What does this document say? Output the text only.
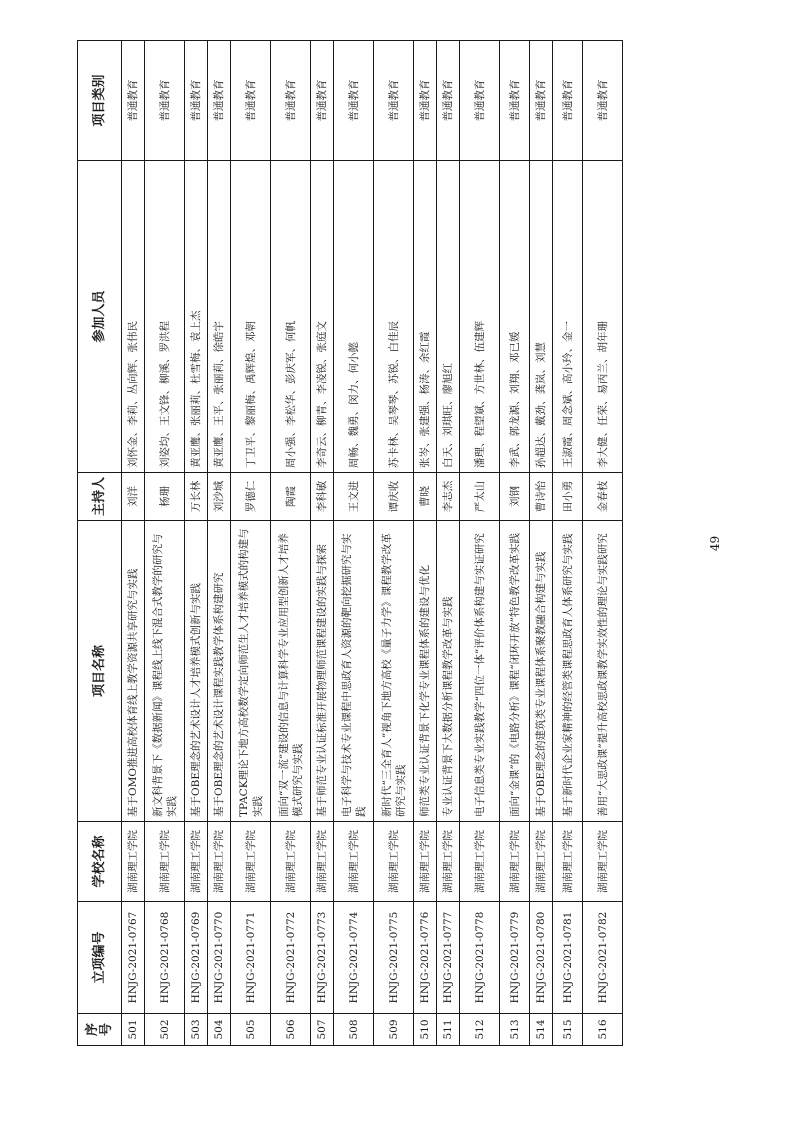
序号	立项编号	学校名称	项目名称	主持人	参加人员	项目类别
501	HNJG-2021-0767	湖南理工学院	基于OMO推进高校体育线上教学资源共享研究与实践	刘洋	刘怀金、李莉、丛向辉、张伟民	普通教育
502	HNJG-2021-0768	湖南理工学院	新文科背景下《数据新闻》课程线上线下混合式教学的研究与实践	杨珊	刘姿均、王文锋、柳溪、罗洪程	普通教育
503	HNJG-2021-0769	湖南理工学院	基于OBE理念的艺术设计人才培养模式创新与实践	万长林	黄亚鹰、张丽莉、杜雪梅、袁上杰	普通教育
504	HNJG-2021-0770	湖南理工学院	基于OBE理念的艺术设计课程实践教学体系构建研究	刘沙城	黄亚鹰、王平、张丽莉、徐皓宇	普通教育
505	HNJG-2021-0771	湖南理工学院	TPACK理论下地方高校数学定向师范生人才培养模式的构建与实践	罗德仁	丁卫平、黎丽梅、禹辉煌、邓朝	普通教育
506	HNJG-2021-0772	湖南理工学院	面向“双一流”建设的信息与计算科学专业应用型创新人才培养模式研究与实践	陶霞	周小强、李松华、彭庆军、何帆	普通教育
507	HNJG-2021-0773	湖南理工学院	基于师范专业认证标准开展物理师范课程建设的实践与探索	李科敏	李奇云、柳青、李凌锐、张庭文	普通教育
508	HNJG-2021-0774	湖南理工学院	电子科学与技术专业课程中思政育人资源的靶向挖掘研究与实践	王文进	周畅、魏勇、闵力、何小懿	普通教育
509	HNJG-2021-0775	湖南理工学院	新时代“三全育人”视角下地方高校《量子力学》课程教学改革研究与实践	谭庆收	苏卡林、吴琴琴、苏锐、白佳辰	普通教育
510	HNJG-2021-0776	湖南理工学院	师范类专业认证背景下化学专业课程体系的建设与优化	曹晓	张岑、张建强、杨涛、余红霞	普通教育
511	HNJG-2021-0777	湖南理工学院	专业认证背景下大数据分析课程教学改革与实践	李志杰	白天、刘琪旺、廖旭红	普通教育
512	HNJG-2021-0778	湖南理工学院	电子信息类专业实践教学“四位一体”评价体系构建与实证研究	严太山	潘理、程望斌、方世林、伍建辉	普通教育
513	HNJG-2021-0779	湖南理工学院	面向“金课”的《电路分析》课程“闭环开放”特色教学改革实践	刘钢	李武、郭龙源、刘翔、邓已媛	普通教育
514	HNJG-2021-0780	湖南理工学院	基于OBE理念的建筑类专业课程体系聚教融合构建与实践	曹诗怡	孙超达、戴劲、龚岚、刘慧	普通教育
515	HNJG-2021-0781	湖南理工学院	基于新时代企业家精神的经管类课程思政育人体系研究与实践	田小勇	王淑霞、周念斌、高小玲、金一	普通教育
516	HNJG-2021-0782	湖南理工学院	善用“大思政课”提升高校思政课教学实效性的理论与实践研究	金春枝	李大健、任荣、易丙兰、胡年珊	普通教育
49
